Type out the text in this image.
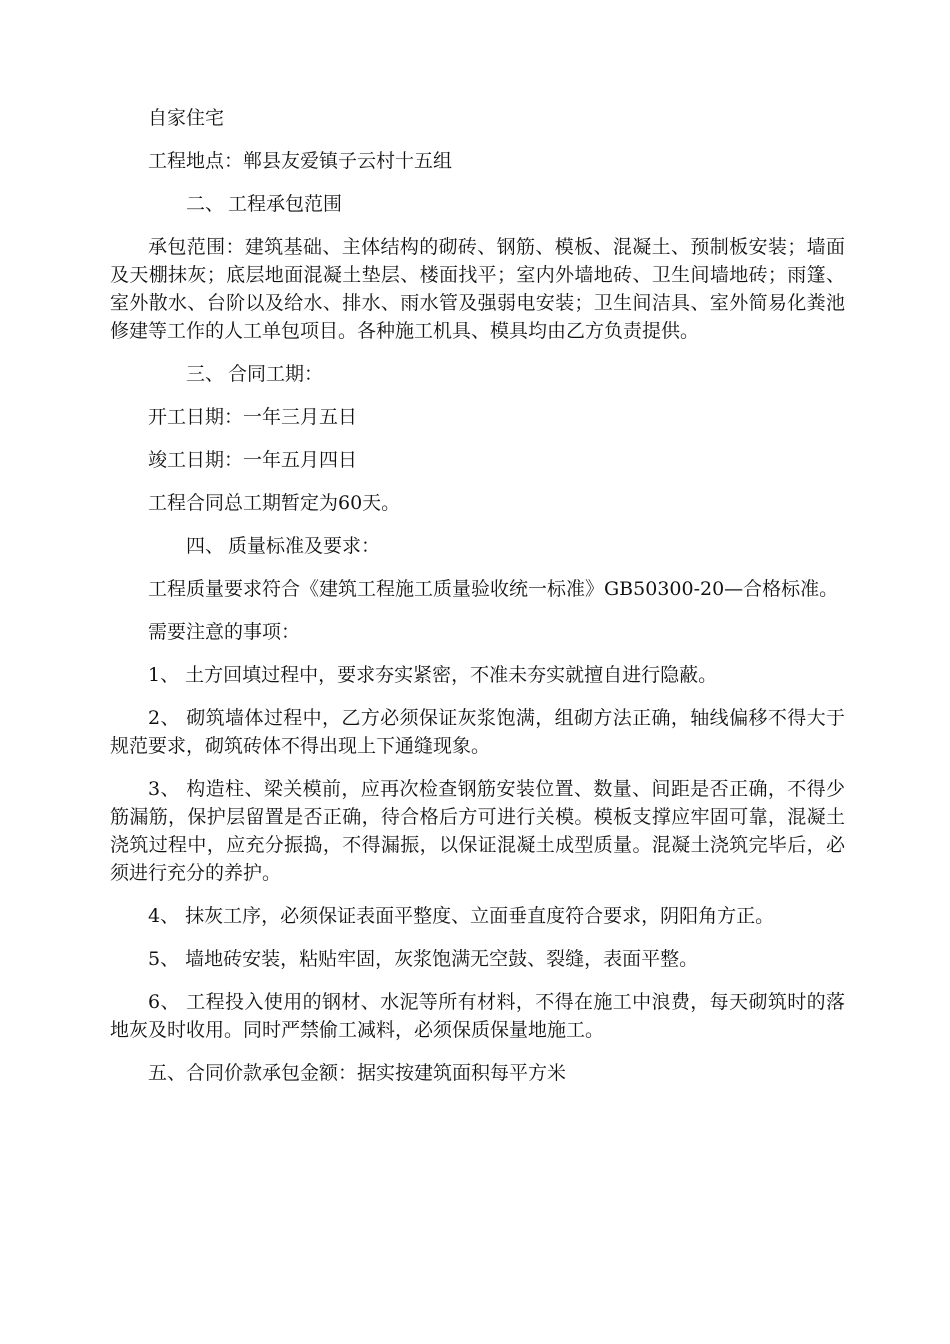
自家住宅

工程地点：郸县友爱镇子云村十五组

二、 工程承包范围

承包范围：建筑基础、主体结构的砌砖、钢筋、模板、混凝土、预制板安装；墙面及天棚抹灰；底层地面混凝土垫层、楼面找平；室内外墙地砖、卫生间墙地砖；雨篷、室外散水、台阶以及给水、排水、雨水管及强弱电安装；卫生间洁具、室外简易化粪池修建等工作的人工单包项目。各种施工机具、模具均由乙方负责提供。

三、 合同工期：

开工日期：一年三月五日

竣工日期：一年五月四日

工程合同总工期暂定为60天。

四、 质量标准及要求：

工程质量要求符合《建筑工程施工质量验收统一标准》GB50300-20—合格标准。

需要注意的事项：

1、 土方回填过程中，要求夯实紧密，不准未夯实就擅自进行隐蔽。

2、 砌筑墙体过程中，乙方必须保证灰浆饱满，组砌方法正确，轴线偏移不得大于规范要求，砌筑砖体不得出现上下通缝现象。

3、 构造柱、梁关模前，应再次检查钢筋安装位置、数量、间距是否正确，不得少筋漏筋，保护层留置是否正确，待合格后方可进行关模。模板支撑应牢固可靠，混凝土浇筑过程中，应充分振捣，不得漏振，以保证混凝土成型质量。混凝土浇筑完毕后，必须进行充分的养护。

4、 抹灰工序，必须保证表面平整度、立面垂直度符合要求，阴阳角方正。

5、 墙地砖安装，粘贴牢固，灰浆饱满无空鼓、裂缝，表面平整。

6、 工程投入使用的钢材、水泥等所有材料，不得在施工中浪费，每天砌筑时的落地灰及时收用。同时严禁偷工减料，必须保质保量地施工。

五、合同价款承包金额：据实按建筑面积每平方米
